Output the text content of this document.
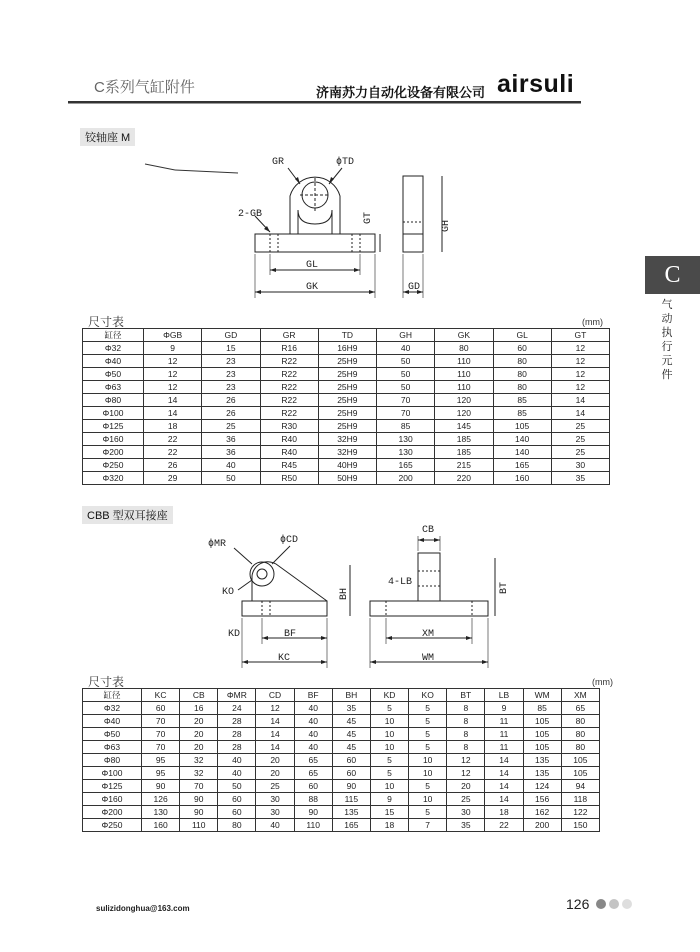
C系列气缸附件	济南苏力自动化设备有限公司 airsuli
C
气
动
执
行
元
件
铰轴座 M
GR	ϕTD
2-GB	GT
GH
GL
GK	GD
尺寸表	(mm)
缸径	ΦGB	GD	GR	TD	GH	GK	GL	GT
Φ32	9	15	R16	16H9	40	80	60	12
Φ40	12	23	R22	25H9	50	110	80	12
Φ50	12	23	R22	25H9	50	110	80	12
Φ63	12	23	R22	25H9	50	110	80	12
Φ80	14	26	R22	25H9	70	120	85	14
Φ100	14	26	R22	25H9	70	120	85	14
Φ125	18	25	R30	25H9	85	145	105	25
Φ160	22	36	R40	32H9	130	185	140	25
Φ200	22	36	R40	32H9	130	185	140	25
Φ250	26	40	R45	40H9	165	215	165	30
Φ320	29	50	R50	50H9	200	220	160	35
CBB 型双耳接座
ϕMR	ϕCD
KO
KD	BF
KC
BH
4-LB
CB
BT
XM
WM
尺寸表	(mm)
缸径	KC	CB	ΦMR	CD	BF	BH	KD	KO	BT	LB	WM	XM
Φ32	60	16	24	12	40	35	5	5	8	9	85	65
Φ40	70	20	28	14	40	45	10	5	8	11	105	80
Φ50	70	20	28	14	40	45	10	5	8	11	105	80
Φ63	70	20	28	14	40	45	10	5	8	11	105	80
Φ80	95	32	40	20	65	60	5	10	12	14	135	105
Φ100	95	32	40	20	65	60	5	10	12	14	135	105
Φ125	90	70	50	25	60	90	10	5	20	14	124	94
Φ160	126	90	60	30	88	115	9	10	25	14	156	118
Φ200	130	90	60	30	90	135	15	5	30	18	162	122
Φ250	160	110	80	40	110	165	18	7	35	22	200	150
sulizidonghua@163.com	126
